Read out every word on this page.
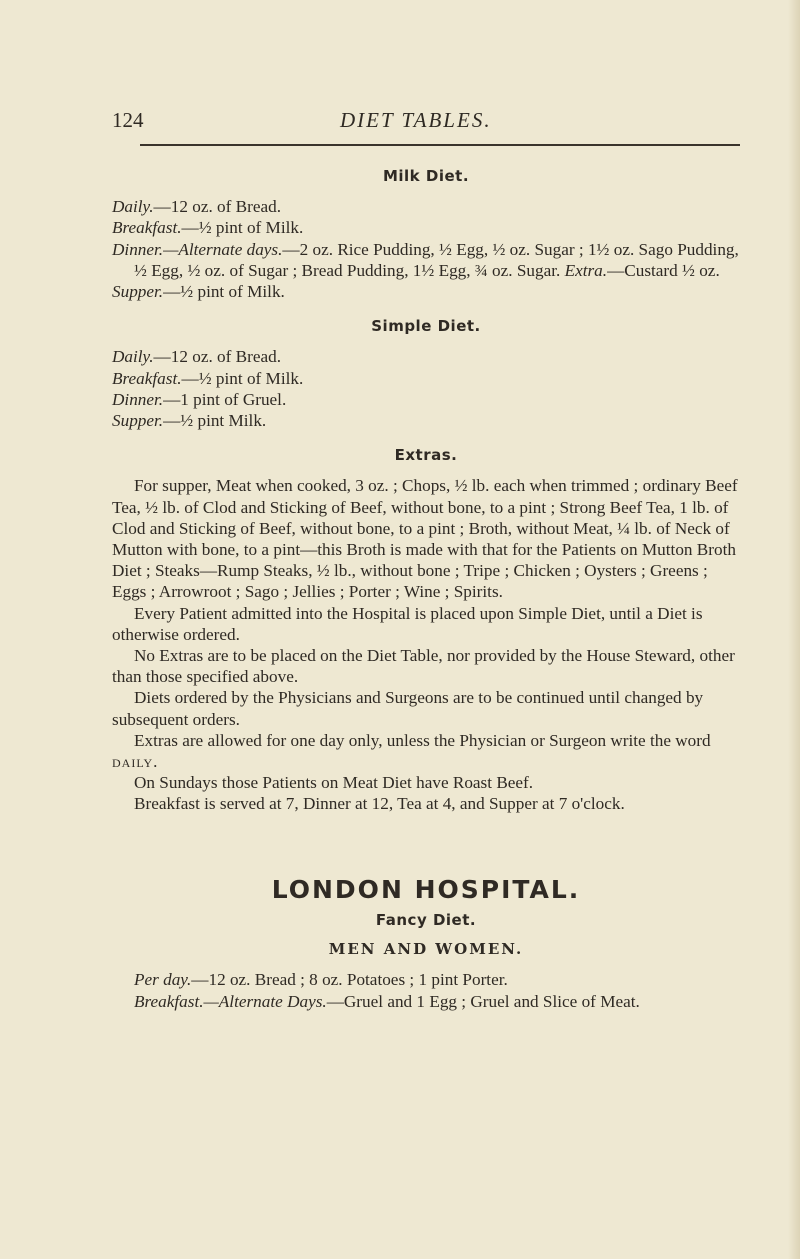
124	DIET TABLES.
Milk Diet.

Daily.—12 oz. of Bread.

Breakfast.—½ pint of Milk.

Dinner.—Alternate days.—2 oz. Rice Pudding, ½ Egg, ½ oz. Sugar ; 1½ oz. Sago Pudding, ½ Egg, ½ oz. of Sugar ; Bread Pudding, 1½ Egg, ¾ oz. Sugar. Extra.—Custard ½ oz.

Supper.—½ pint of Milk.

Simple Diet.

Daily.—12 oz. of Bread.

Breakfast.—½ pint of Milk.

Dinner.—1 pint of Gruel.

Supper.—½ pint Milk.

Extras.

For supper, Meat when cooked, 3 oz. ; Chops, ½ lb. each when trimmed ; ordinary Beef Tea, ½ lb. of Clod and Sticking of Beef, without bone, to a pint ; Strong Beef Tea, 1 lb. of Clod and Sticking of Beef, without bone, to a pint ; Broth, without Meat, ¼ lb. of Neck of Mutton with bone, to a pint—this Broth is made with that for the Patients on Mutton Broth Diet ; Steaks—Rump Steaks, ½ lb., without bone ; Tripe ; Chicken ; Oysters ; Greens ; Eggs ; Arrowroot ; Sago ; Jellies ; Porter ; Wine ; Spirits.

Every Patient admitted into the Hospital is placed upon Simple Diet, until a Diet is otherwise ordered.

No Extras are to be placed on the Diet Table, nor provided by the House Steward, other than those specified above.

Diets ordered by the Physicians and Surgeons are to be continued until changed by subsequent orders.

Extras are allowed for one day only, unless the Physician or Surgeon write the word daily.

On Sundays those Patients on Meat Diet have Roast Beef.

Breakfast is served at 7, Dinner at 12, Tea at 4, and Supper at 7 o'clock.

LONDON HOSPITAL.
Fancy Diet.
MEN AND WOMEN.

Per day.—12 oz. Bread ; 8 oz. Potatoes ; 1 pint Porter.

Breakfast.—Alternate Days.—Gruel and 1 Egg ; Gruel and Slice of Meat.
